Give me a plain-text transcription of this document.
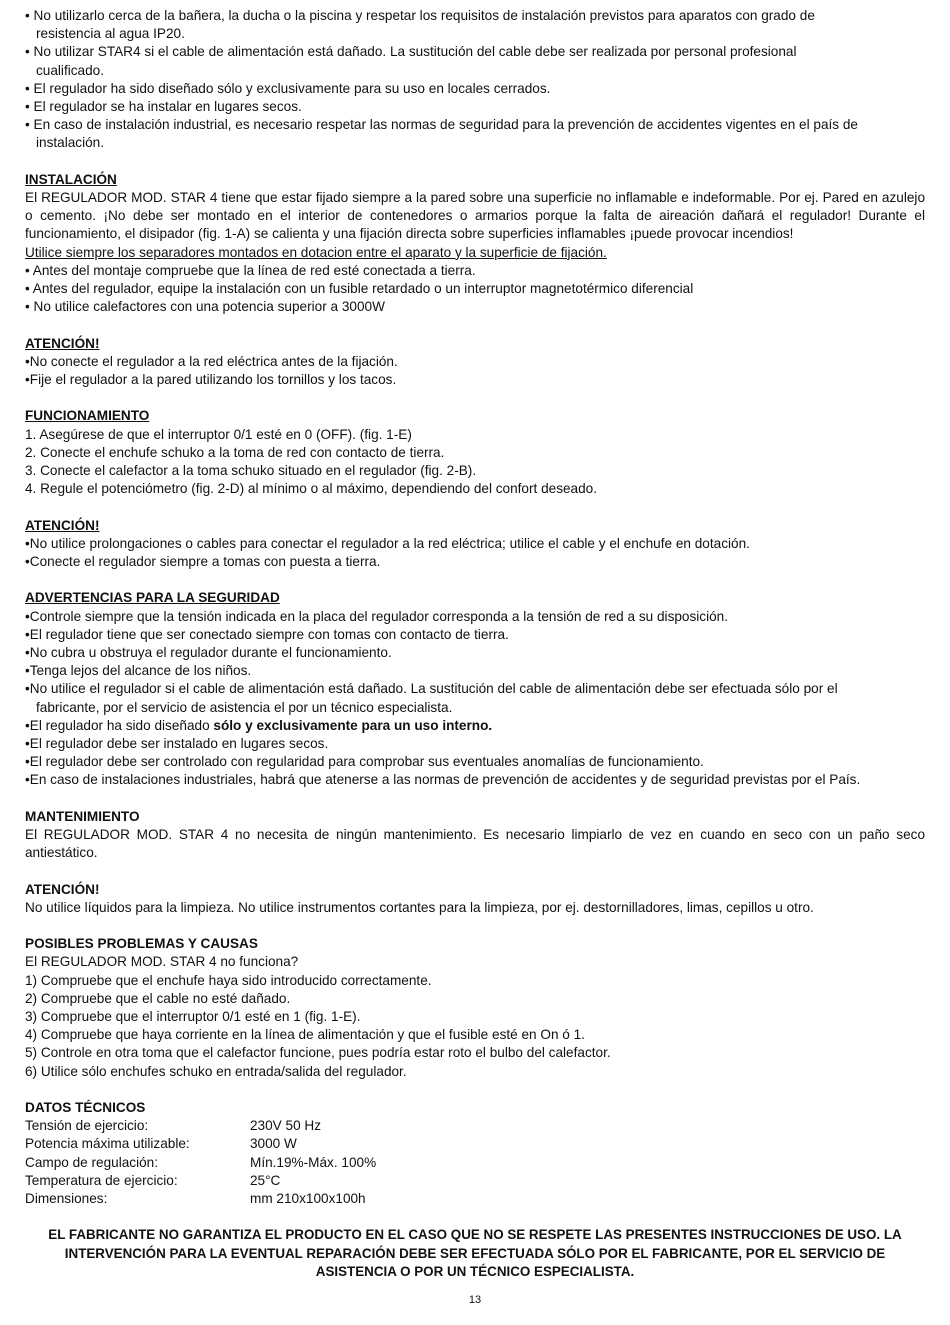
• No utilizarlo cerca de la bañera, la ducha o la piscina y respetar los requisitos de instalación previstos para aparatos con grado de
resistencia al agua IP20.
• No utilizar STAR4 si el cable de alimentación está dañado. La sustitución del cable debe ser realizada por personal profesional
cualificado.
• El regulador ha sido diseñado sólo y exclusivamente para su uso en locales cerrados.
• El regulador se ha instalar en lugares secos.
• En caso de instalación industrial, es necesario respetar las normas de seguridad para la prevención de accidentes vigentes en el país de
instalación.
INSTALACIÓN
El REGULADOR MOD. STAR 4 tiene que estar fijado siempre a la pared sobre una superficie no inflamable e indeformable. Por ej. Pared en azulejo o cemento. ¡No debe ser montado en el interior de contenedores o armarios porque la falta de aireación dañará el regulador! Durante el funcionamiento, el disipador (fig. 1-A) se calienta y una fijación directa sobre superficies inflamables ¡puede provocar incendios!
Utilice siempre los separadores montados en dotacion entre el aparato y la superficie de fijación.
• Antes del montaje compruebe que la línea de red esté conectada a tierra.
• Antes del regulador, equipe la instalación con un fusible retardado o un interruptor magnetotérmico diferencial
• No utilice calefactores con una potencia superior a 3000W
ATENCIÓN!
•No conecte el regulador a la red eléctrica antes de la fijación.
•Fije el regulador a la pared utilizando los tornillos y los tacos.
FUNCIONAMIENTO
1. Asegúrese de que el interruptor 0/1 esté en 0 (OFF). (fig. 1-E)
2. Conecte el enchufe schuko a la toma de red con contacto de tierra.
3. Conecte el calefactor a la toma schuko situado en el regulador (fig. 2-B).
4. Regule el potenciómetro (fig. 2-D) al mínimo o al máximo, dependiendo del confort deseado.
ATENCIÓN!
•No utilice prolongaciones o cables para conectar el regulador a la red eléctrica; utilice el cable y el enchufe en dotación.
•Conecte el regulador siempre a tomas con puesta a tierra.
ADVERTENCIAS PARA LA SEGURIDAD
•Controle siempre que la tensión indicada en la placa del regulador corresponda a la tensión de red a su disposición.
•El regulador tiene que ser conectado siempre con tomas con contacto de tierra.
•No cubra u obstruya el regulador durante el funcionamiento.
•Tenga lejos del alcance de los niños.
•No utilice el regulador si el cable de alimentación está dañado. La sustitución del cable de alimentación debe ser efectuada sólo por el
fabricante, por el servicio de asistencia el por un técnico especialista.
•El regulador ha sido diseñado sólo y exclusivamente para un uso interno.
•El regulador debe ser instalado en lugares secos.
•El regulador debe ser controlado con regularidad para comprobar sus eventuales anomalías de funcionamiento.
•En caso de instalaciones industriales, habrá que atenerse a las normas de prevención de accidentes y de seguridad previstas por el País.
MANTENIMIENTO
El REGULADOR MOD. STAR 4 no necesita de ningún mantenimiento. Es necesario limpiarlo de vez en cuando en seco con un paño seco antiestático.
ATENCIÓN!
No utilice líquidos para la limpieza. No utilice instrumentos cortantes para la limpieza, por ej. destornilladores, limas, cepillos u otro.
POSIBLES PROBLEMAS Y CAUSAS
El REGULADOR MOD. STAR 4 no funciona?
1) Compruebe que el enchufe haya sido introducido correctamente.
2) Compruebe que el cable no esté dañado.
3) Compruebe que el interruptor 0/1 esté en 1 (fig. 1-E).
4) Compruebe que haya corriente en la línea de alimentación y que el fusible esté en On ó 1.
5) Controle en otra toma que el calefactor funcione, pues podría estar roto el bulbo del calefactor.
6) Utilice sólo enchufes schuko en entrada/salida del regulador.
DATOS TÉCNICOS
Tensión de ejercicio:	230V 50 Hz
Potencia máxima utilizable:	3000 W
Campo de regulación:	Mín.19%-Máx. 100%
Temperatura de ejercicio:	25°C
Dimensiones:	mm 210x100x100h
EL FABRICANTE NO GARANTIZA EL PRODUCTO EN EL CASO QUE NO SE RESPETE LAS PRESENTES INSTRUCCIONES DE USO. LA INTERVENCIÓN PARA LA EVENTUAL REPARACIÓN DEBE SER EFECTUADA SÓLO POR EL FABRICANTE, POR EL SERVICIO DE ASISTENCIA O POR UN TÉCNICO ESPECIALISTA.
13
